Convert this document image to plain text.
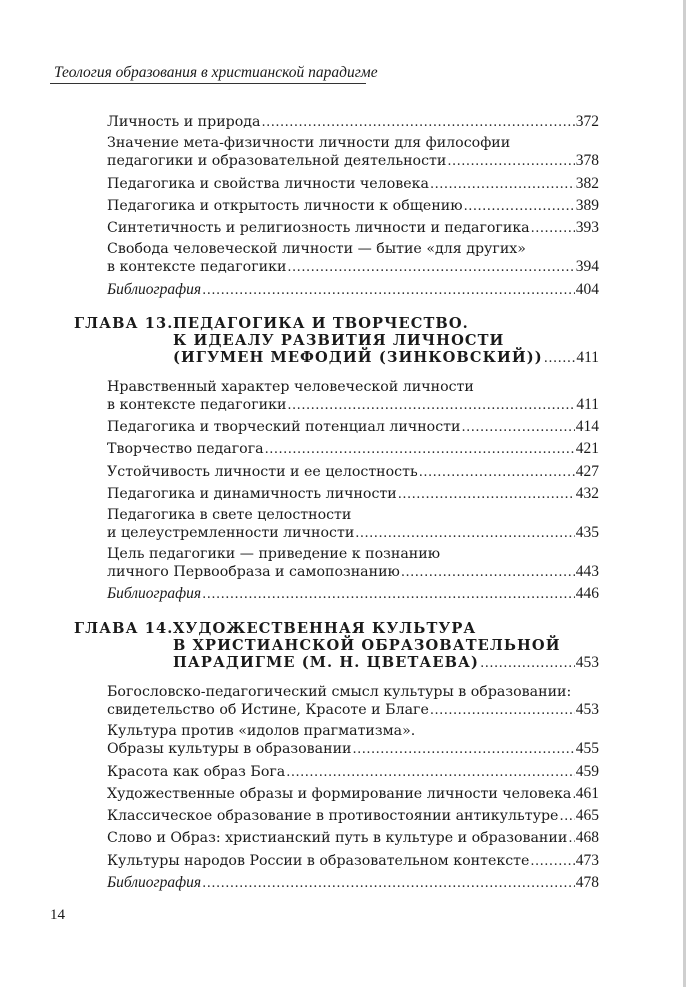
Теология образования в христианской парадигме
Личность и природа .....	372
Значение мета-физичности личности для философии
педагогики и образовательной деятельности .....	378
Педагогика и свойства личности человека .....	382
Педагогика и открытость личности к общению .....	389
Синтетичность и религиозность личности и педагогика .....	393
Свобода человеческой личности — бытие «для других»
в контексте педагогики .....	394
Библиография .....	404
ГЛАВА 13. ПЕДАГОГИКА И ТВОРЧЕСТВО.
К ИДЕАЛУ РАЗВИТИЯ ЛИЧНОСТИ
(ИГУМЕН МЕФОДИЙ (ЗИНКОВСКИЙ)) ..... 411
Нравственный характер человеческой личности
в контексте педагогики .....	411
Педагогика и творческий потенциал личности .....	414
Творчество педагога .....	421
Устойчивость личности и ее целостность .....	427
Педагогика и динамичность личности .....	432
Педагогика в свете целостности
и целеустремленности личности .....	435
Цель педагогики — приведение к познанию
личного Первообраза и самопознанию .....	443
Библиография .....	446
ГЛАВА 14. ХУДОЖЕСТВЕННАЯ КУЛЬТУРА
В ХРИСТИАНСКОЙ ОБРАЗОВАТЕЛЬНОЙ
ПАРАДИГМЕ (М. Н. ЦВЕТАЕВА) .....	453
Богословско-педагогический смысл культуры в образовании:
свидетельство об Истине, Красоте и Благе .....	453
Культура против «идолов прагматизма».
Образы культуры в образовании .....	455
Красота как образ Бога .....	459
Художественные образы и формирование личности человека ..... 461
Классическое образование в противостоянии антикультуре ..... 465
Слово и Образ: христианский путь в культуре и образовании ..... 468
Культуры народов России в образовательном контексте .....	473
Библиография .....	478
14
